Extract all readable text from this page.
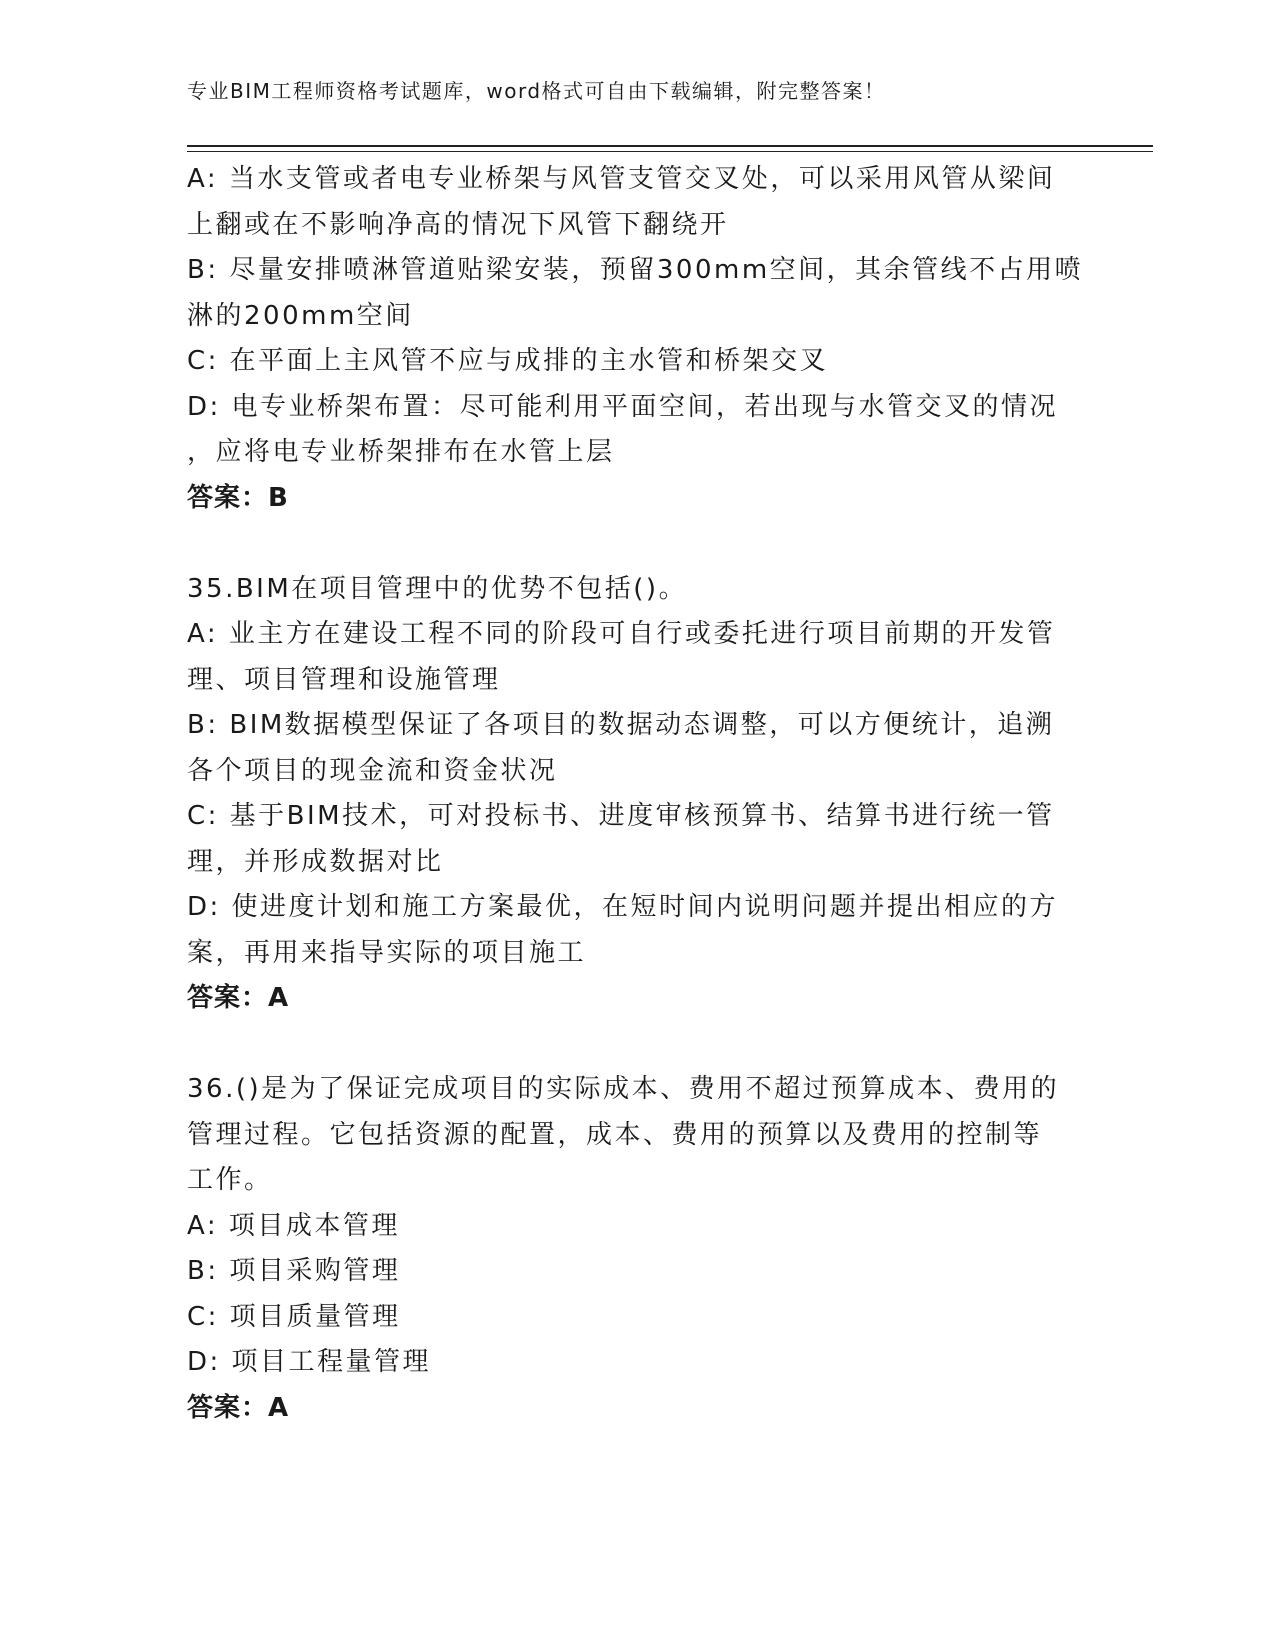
专业BIM工程师资格考试题库，word格式可自由下载编辑，附完整答案！
A: 当水支管或者电专业桥架与风管支管交叉处，可以采用风管从梁间
上翻或在不影响净高的情况下风管下翻绕开
B: 尽量安排喷淋管道贴梁安装，预留300mm空间，其余管线不占用喷
淋的200mm空间
C: 在平面上主风管不应与成排的主水管和桥架交叉
D: 电专业桥架布置：尽可能利用平面空间，若出现与水管交叉的情况
，应将电专业桥架排布在水管上层
答案：B
35.BIM在项目管理中的优势不包括()。
A: 业主方在建设工程不同的阶段可自行或委托进行项目前期的开发管
理、项目管理和设施管理
B: BIM数据模型保证了各项目的数据动态调整，可以方便统计，追溯
各个项目的现金流和资金状况
C: 基于BIM技术，可对投标书、进度审核预算书、结算书进行统一管
理，并形成数据对比
D: 使进度计划和施工方案最优，在短时间内说明问题并提出相应的方
案，再用来指导实际的项目施工
答案：A
36.()是为了保证完成项目的实际成本、费用不超过预算成本、费用的
管理过程。它包括资源的配置，成本、费用的预算以及费用的控制等
工作。
A: 项目成本管理
B: 项目采购管理
C: 项目质量管理
D: 项目工程量管理
答案：A
